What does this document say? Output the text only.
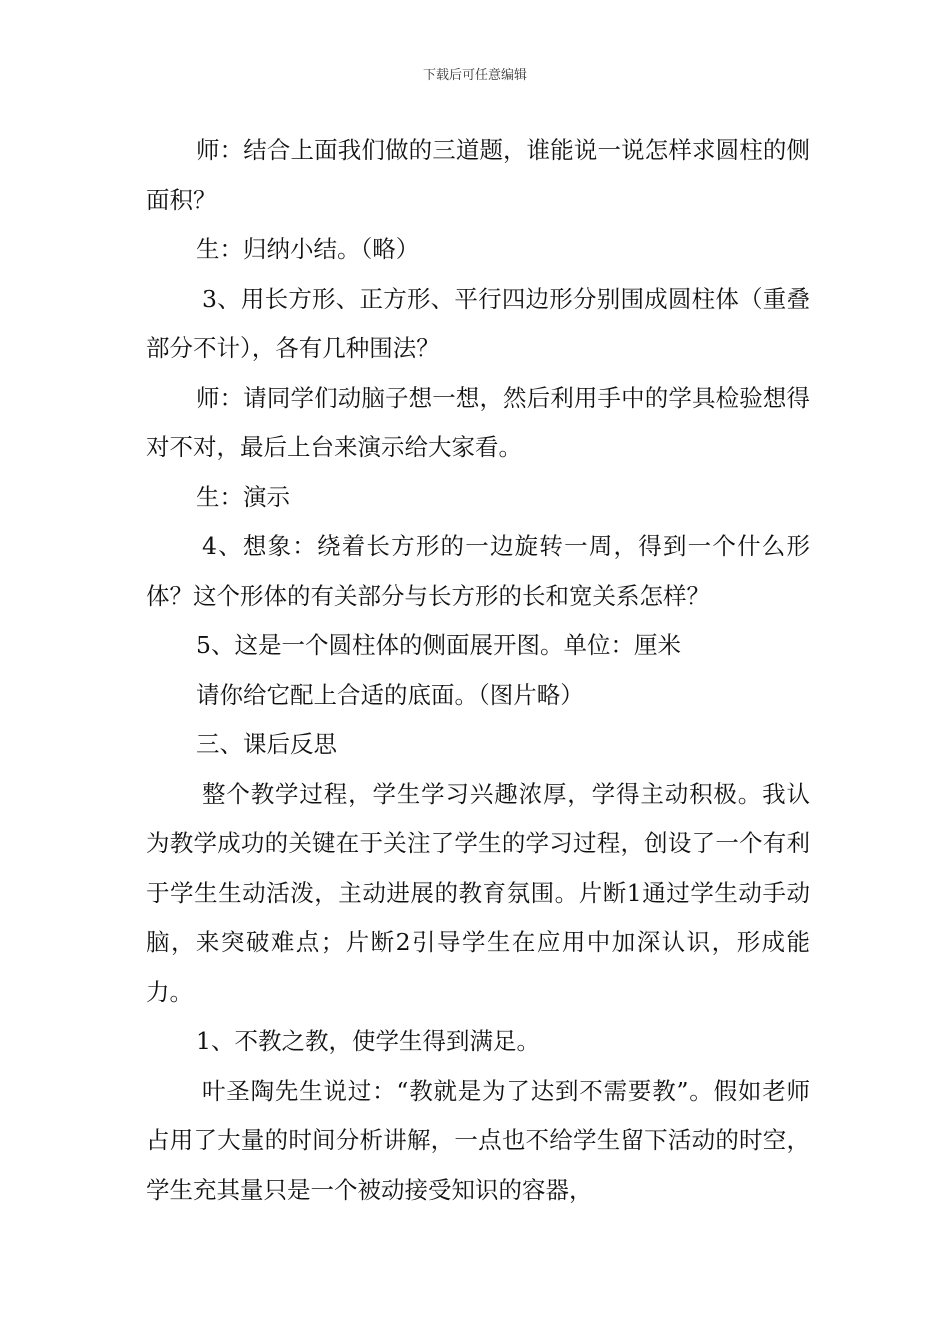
下载后可任意编辑

师：结合上面我们做的三道题，谁能说一说怎样求圆柱的侧面积？

生：归纳小结。（略）

3、用长方形、正方形、平行四边形分别围成圆柱体（重叠部分不计），各有几种围法？

师：请同学们动脑子想一想，然后利用手中的学具检验想得对不对，最后上台来演示给大家看。

生：演示

4、想象：绕着长方形的一边旋转一周，得到一个什么形体？这个形体的有关部分与长方形的长和宽关系怎样？

5、这是一个圆柱体的侧面展开图。单位：厘米

请你给它配上合适的底面。（图片略）

三、课后反思

整个教学过程，学生学习兴趣浓厚，学得主动积极。我认为教学成功的关键在于关注了学生的学习过程，创设了一个有利于学生生动活泼，主动进展的教育氛围。片断1通过学生动手动脑，来突破难点；片断2引导学生在应用中加深认识，形成能力。

1、不教之教，使学生得到满足。

叶圣陶先生说过：“教就是为了达到不需要教”。假如老师占用了大量的时间分析讲解，一点也不给学生留下活动的时空，学生充其量只是一个被动接受知识的容器，
